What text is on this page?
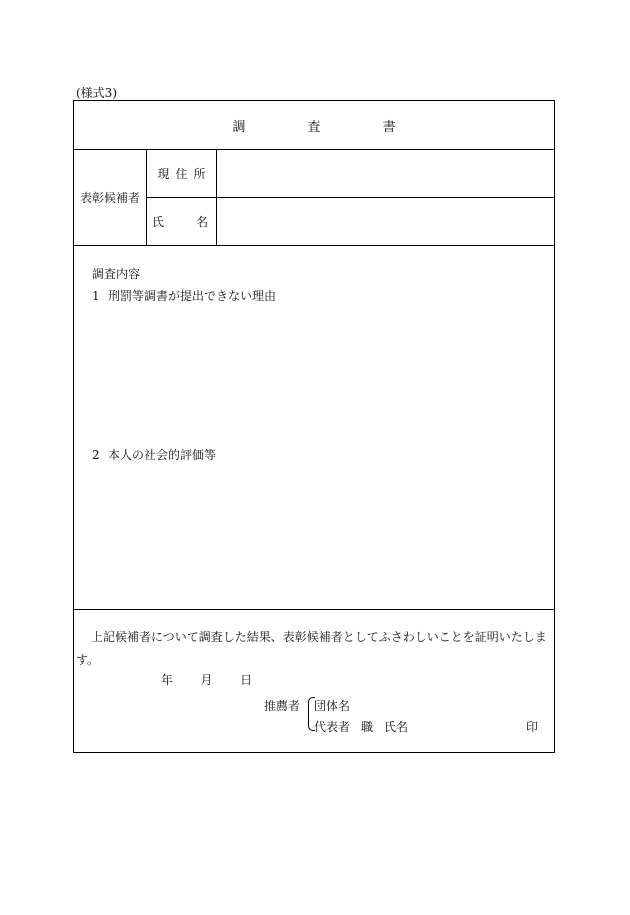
(様式3)
調	査	書
表彰候補者
現住所
氏	名
調査内容
1 刑罰等調書が提出できない理由
2 本人の社会的評価等
上記候補者について調査した結果、表彰候補者としてふさわしいことを証明いたします。
年 月 日
推薦者 団体名
代表者 職 氏名	印
